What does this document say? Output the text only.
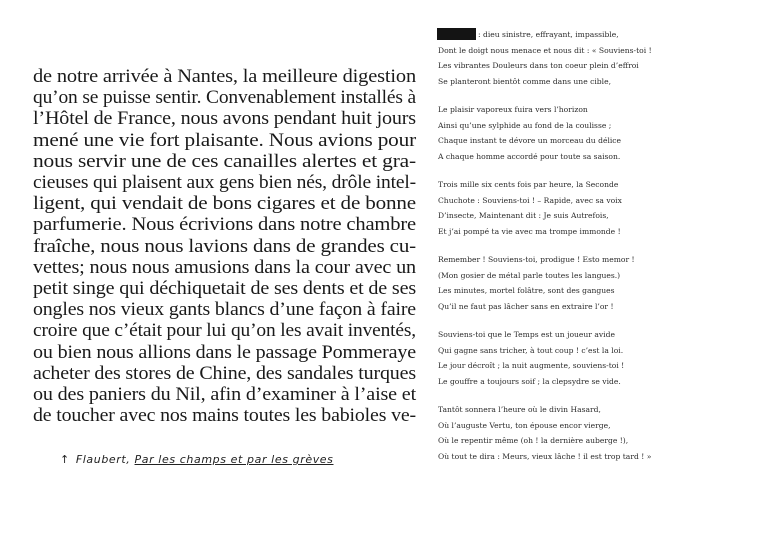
de notre arrivée à Nantes, la meilleure digestion

qu’on se puisse sentir. Convenablement installés à

l’Hôtel de France, nous avons pendant huit jours

mené une vie fort plaisante. Nous avions pour

nous servir une de ces canailles alertes et gra-

cieuses qui plaisent aux gens bien nés, drôle intel-

ligent, qui vendait de bons cigares et de bonne

parfumerie. Nous écrivions dans notre chambre

fraîche, nous nous lavions dans de grandes cu-

vettes; nous nous amusions dans la cour avec un

petit singe qui déchiquetait de ses dents et de ses

ongles nos vieux gants blancs d’une façon à faire

croire que c’était pour lui qu’on les avait inventés,

ou bien nous allions dans le passage Pommeraye

acheter des stores de Chine, des sandales turques

ou des paniers du Nil, afin d’examiner à l’aise et

de toucher avec nos mains toutes les babioles ve-

↑ Flaubert, Par les champs et par les grèves

: dieu sinistre, effrayant, impassible,

Dont le doigt nous menace et nous dit : « Souviens-toi !

Les vibrantes Douleurs dans ton coeur plein d’effroi

Se planteront bientôt comme dans une cible,

Le plaisir vaporeux fuira vers l’horizon

Ainsi qu’une sylphide au fond de la coulisse ;

Chaque instant te dévore un morceau du délice

A chaque homme accordé pour toute sa saison.

Trois mille six cents fois par heure, la Seconde

Chuchote : Souviens-toi ! – Rapide, avec sa voix

D’insecte, Maintenant dit : Je suis Autrefois,

Et j’ai pompé ta vie avec ma trompe immonde !

Remember ! Souviens-toi, prodigue ! Esto memor !

(Mon gosier de métal parle toutes les langues.)

Les minutes, mortel folâtre, sont des gangues

Qu’il ne faut pas lâcher sans en extraire l’or !

Souviens-toi que le Temps est un joueur avide

Qui gagne sans tricher, à tout coup ! c’est la loi.

Le jour décroît ; la nuit augmente, souviens-toi !

Le gouffre a toujours soif ; la clepsydre se vide.

Tantôt sonnera l’heure où le divin Hasard,

Où l’auguste Vertu, ton épouse encor vierge,

Où le repentir même (oh ! la dernière auberge !),

Où tout te dira : Meurs, vieux lâche ! il est trop tard ! »
